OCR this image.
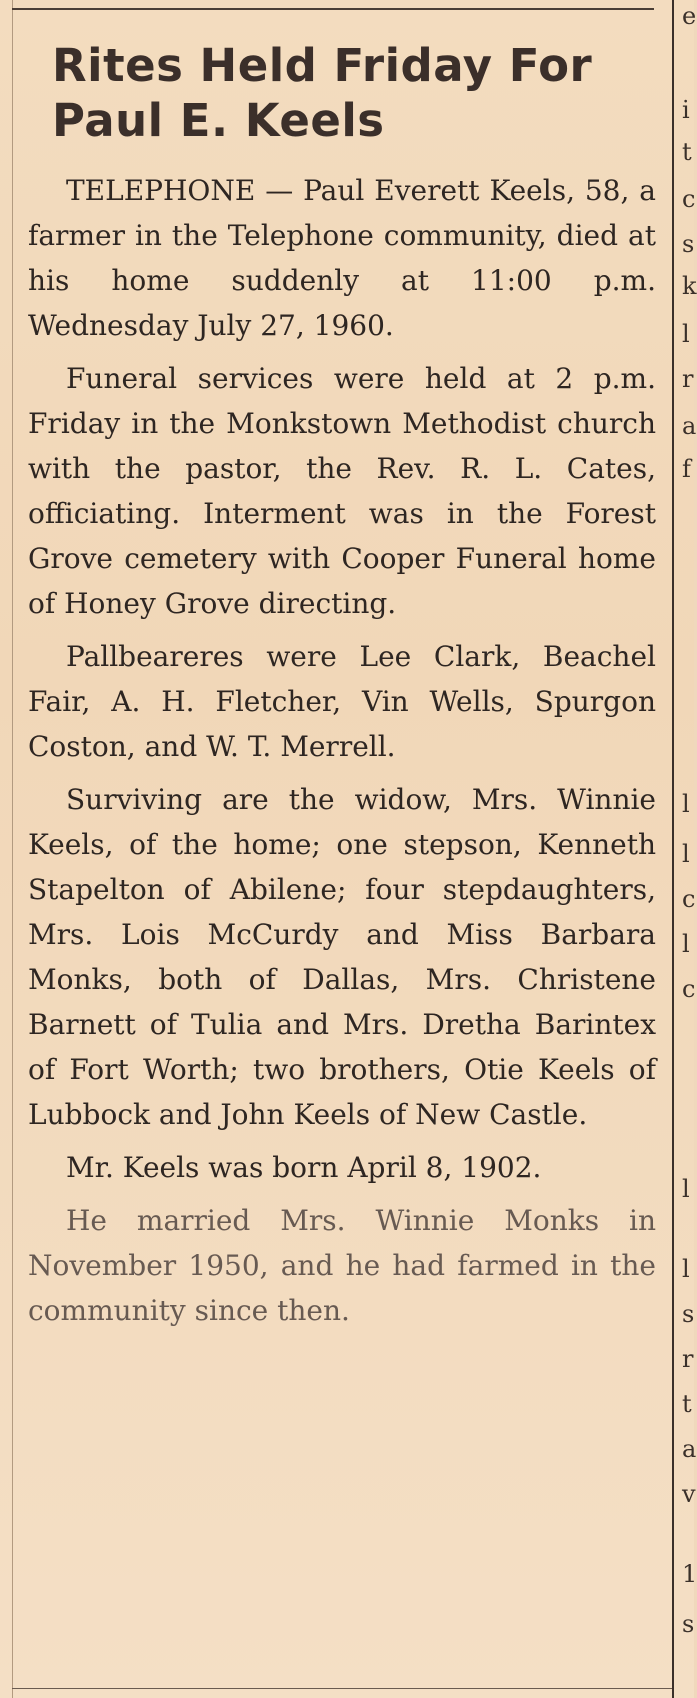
Rites Held Friday For Paul E. Keels

TELEPHONE — Paul Everett Keels, 58, a farmer in the Telephone community, died at his home suddenly at 11:00 p.m. Wednesday July 27, 1960.

Funeral services were held at 2 p.m. Friday in the Monkstown Methodist church with the pastor, the Rev. R. L. Cates, officiating. Interment was in the Forest Grove cemetery with Cooper Funeral home of Honey Grove directing.

Pallbeareres were Lee Clark, Beachel Fair, A. H. Fletcher, Vin Wells, Spurgon Coston, and W. T. Merrell.

Surviving are the widow, Mrs. Winnie Keels, of the home; one stepson, Kenneth Stapelton of Abilene; four stepdaughters, Mrs. Lois McCurdy and Miss Barbara Monks, both of Dallas, Mrs. Christene Barnett of Tulia and Mrs. Dretha Barintex of Fort Worth; two brothers, Otie Keels of Lubbock and John Keels of New Castle.

Mr. Keels was born April 8, 1902.

He married Mrs. Winnie Monks in November 1950, and he had farmed in the community since then.

e
i
t
c
s
k
l
r
a
f
l
l
c
l
c
l
l
s
r
t
a
v
1
s
